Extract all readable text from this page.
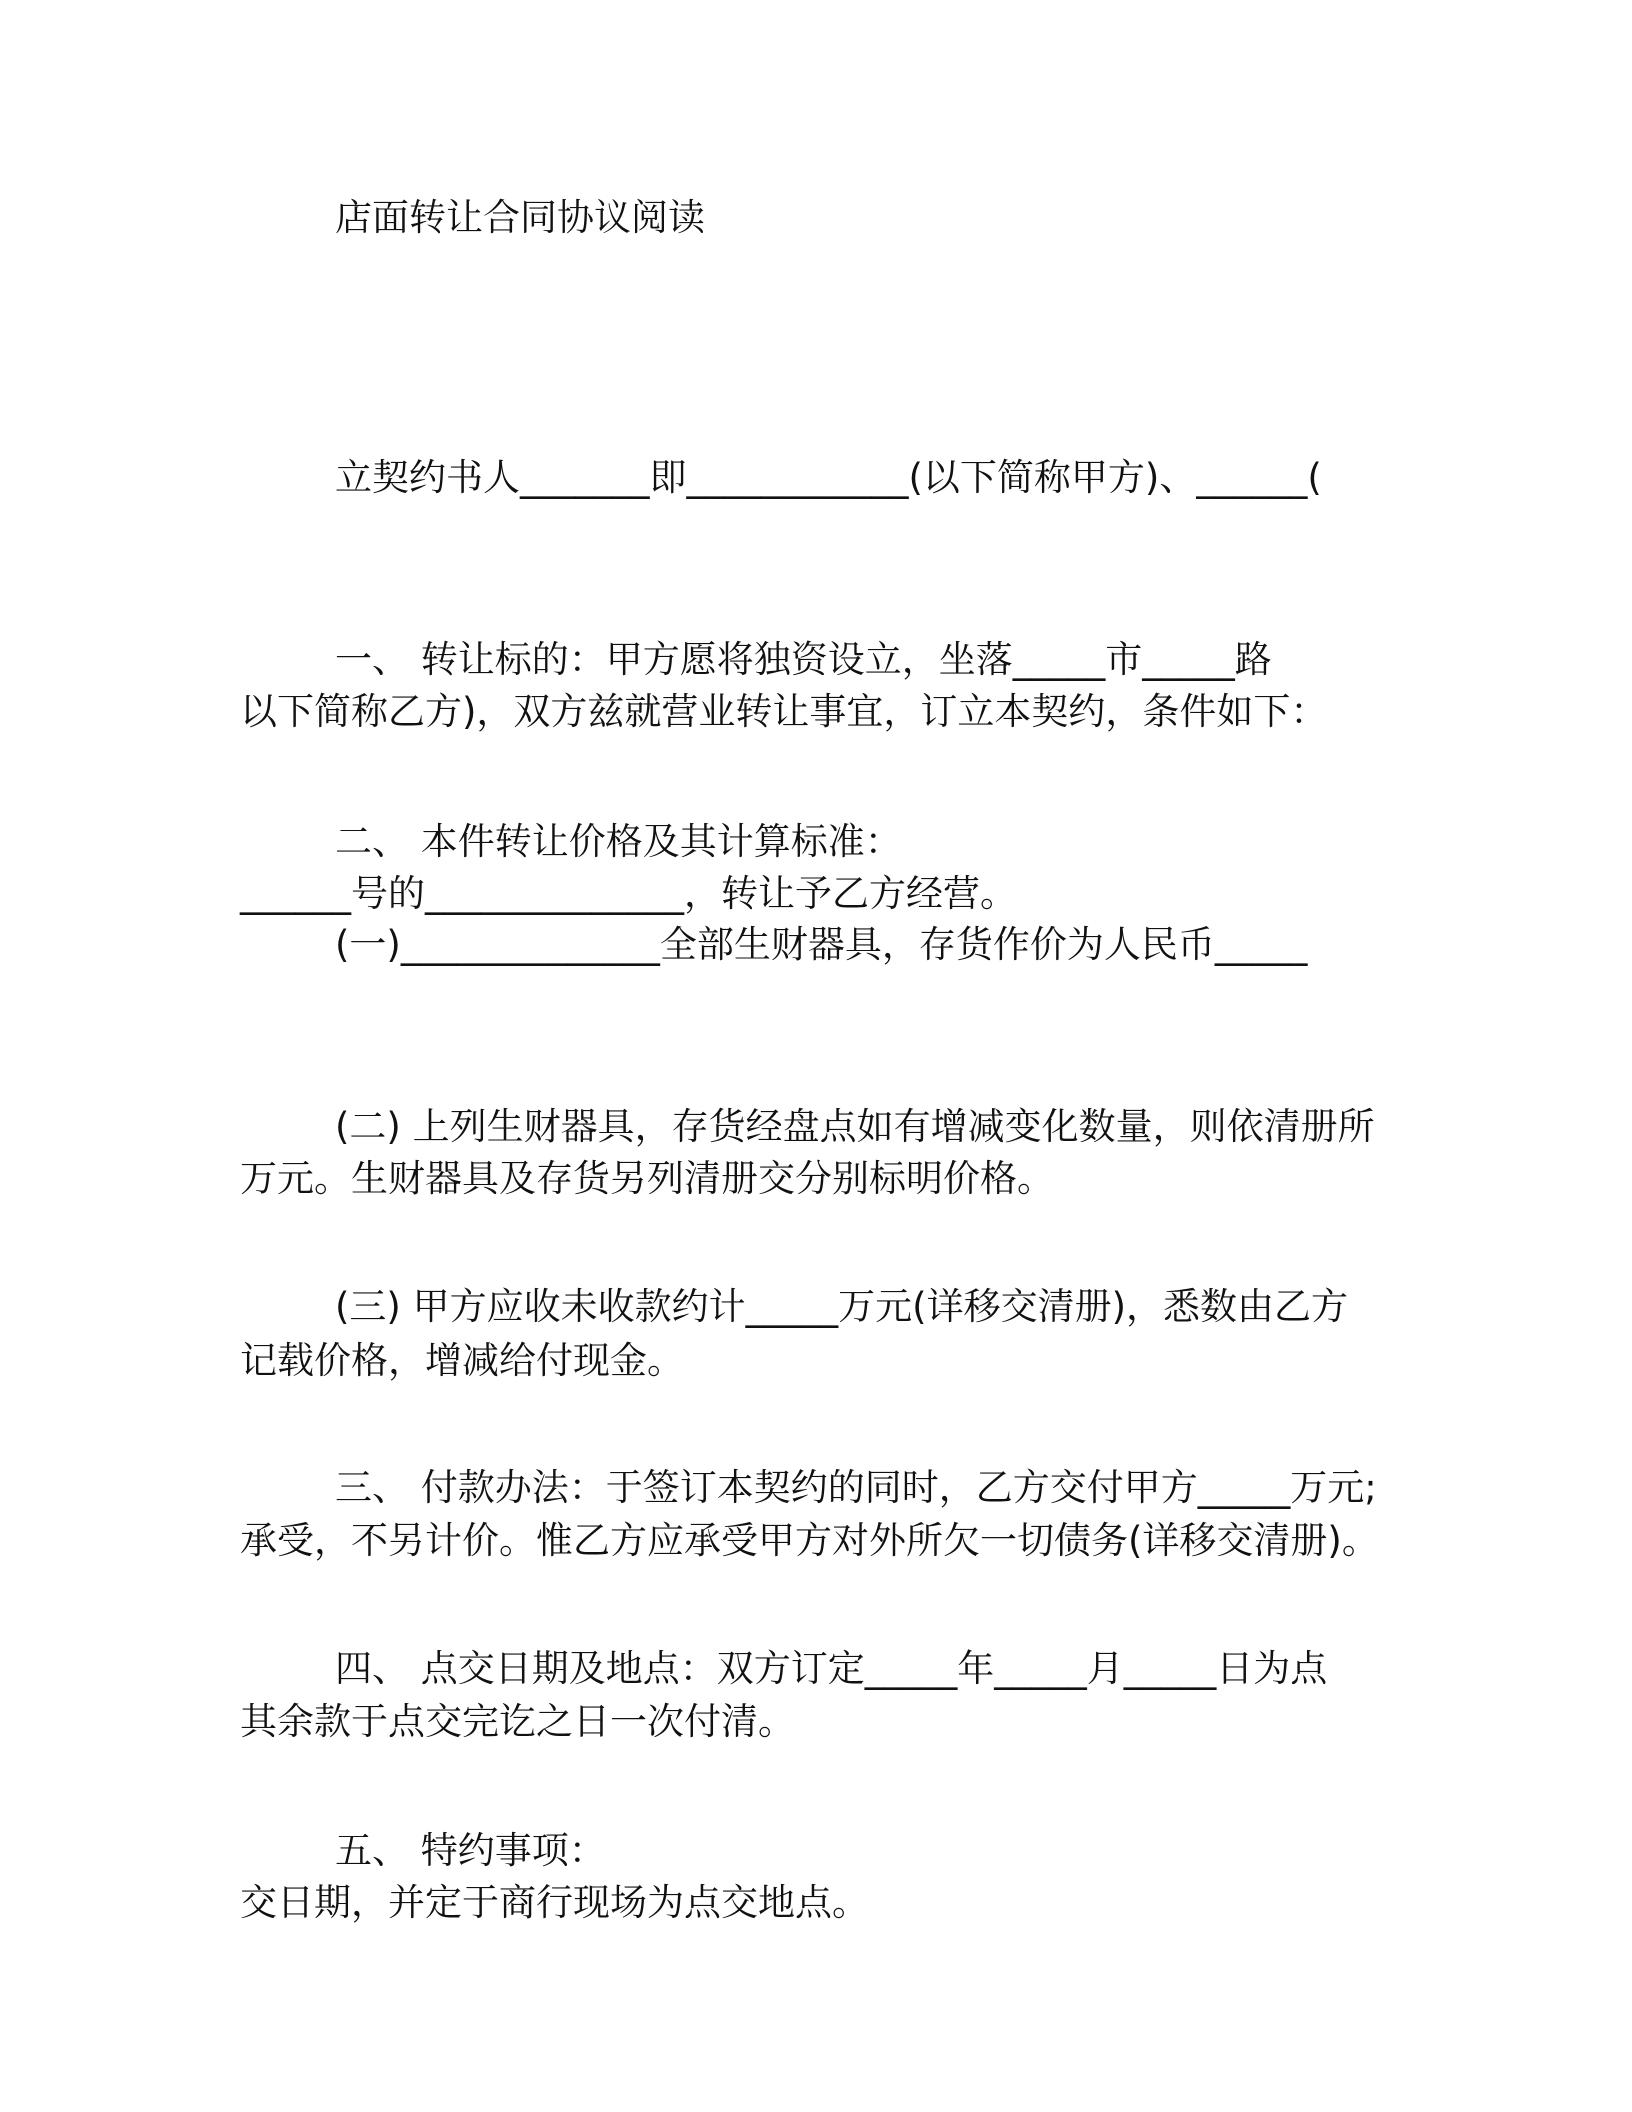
店面转让合同协议阅读

立契约书人_______即____________(以下简称甲方)、______(

以下简称乙方)，双方兹就营业转让事宜，订立本契约，条件如下：

一、 转让标的：甲方愿将独资设立，坐落_____市_____路

______号的______________，转让予乙方经营。

二、 本件转让价格及其计算标准：

(一)______________全部生财器具，存货作价为人民币_____

万元。生财器具及存货另列清册交分别标明价格。

(二) 上列生财器具，存货经盘点如有增减变化数量，则依清册所

记载价格，增减给付现金。

(三) 甲方应收未收款约计_____万元(详移交清册)，悉数由乙方

承受，不另计价。惟乙方应承受甲方对外所欠一切债务(详移交清册)。

三、 付款办法：于签订本契约的同时，乙方交付甲方_____万元;

其余款于点交完讫之日一次付清。

四、 点交日期及地点：双方订定_____年_____月_____日为点

交日期，并定于商行现场为点交地点。

五、 特约事项：
